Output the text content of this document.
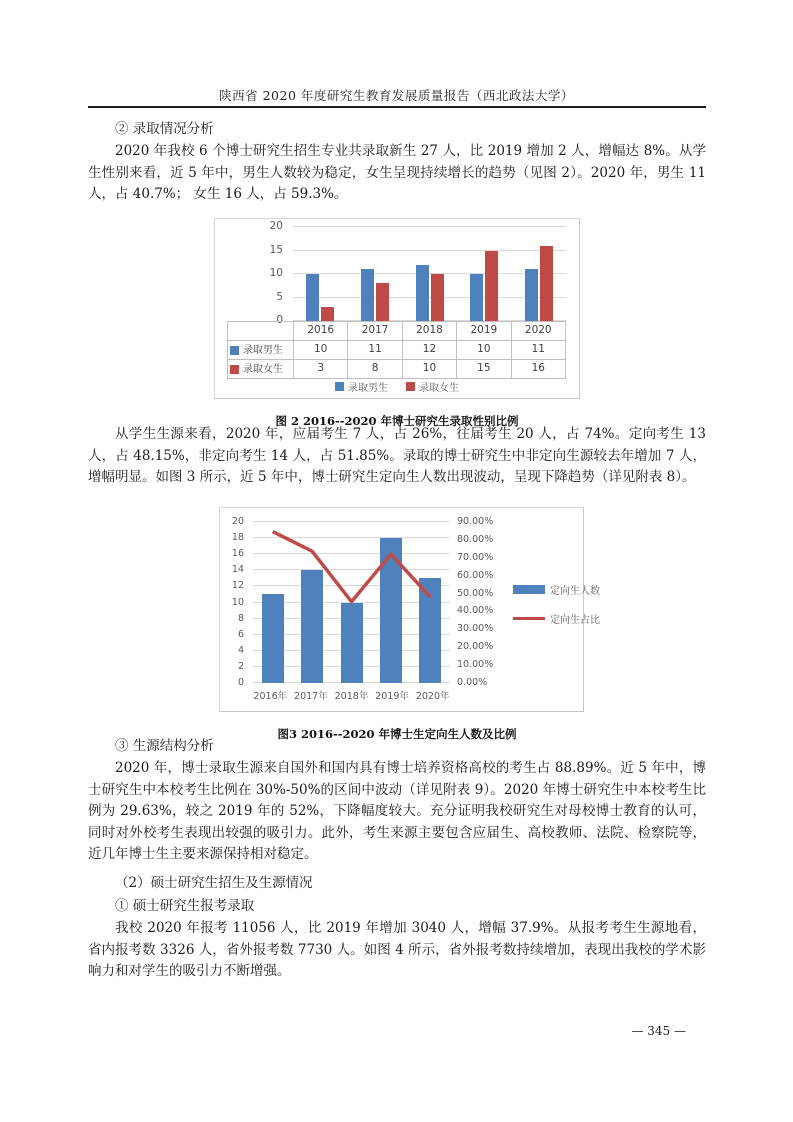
陕西省 2020 年度研究生教育发展质量报告（西北政法大学）

② 录取情况分析

2020 年我校 6 个博士研究生招生专业共录取新生 27 人，比 2019 增加 2 人，增幅达 8%。从学生性别来看，近 5 年中，男生人数较为稳定，女生呈现持续增长的趋势（见图 2）。2020 年，男生 11 人，占 40.7%； 女生 16 人，占 59.3%。

0
5
10
15
20
2016	2017	2018	2019	2020
录取男生	10	11	12	10	11
录取女生	3	8	10	15	16
录取男生	录取女生

图 2 2016--2020 年博士研究生录取性别比例

从学生生源来看，2020 年，应届考生 7 人，占 26%，往届考生 20 人，占 74%。定向考生 13 人，占 48.15%，非定向考生 14 人，占 51.85%。录取的博士研究生中非定向生源较去年增加 7 人，增幅明显。如图 3 所示，近 5 年中，博士研究生定向生人数出现波动，呈现下降趋势（详见附表 8）。

0
2
4
6
8
10
12
14
16
18
20
0.00%
10.00%
20.00%
30.00%
40.00%
50.00%
60.00%
70.00%
80.00%
90.00%
2016年 2017年 2018年 2019年 2020年
定向生人数
定向生占比

图3 2016--2020 年博士生定向生人数及比例

③ 生源结构分析

2020 年，博士录取生源来自国外和国内具有博士培养资格高校的考生占 88.89%。近 5 年中，博士研究生中本校考生比例在 30%-50%的区间中波动（详见附表 9）。2020 年博士研究生中本校考生比例为 29.63%，较之 2019 年的 52%，下降幅度较大。充分证明我校研究生对母校博士教育的认可，同时对外校考生表现出较强的吸引力。此外，考生来源主要包含应届生、高校教师、法院、检察院等，近几年博士生主要来源保持相对稳定。

（2）硕士研究生招生及生源情况

① 硕士研究生报考录取

我校 2020 年报考 11056 人，比 2019 年增加 3040 人，增幅 37.9%。从报考考生生源地看，省内报考数 3326 人，省外报考数 7730 人。如图 4 所示，省外报考数持续增加，表现出我校的学术影响力和对学生的吸引力不断增强。

— 345 —
